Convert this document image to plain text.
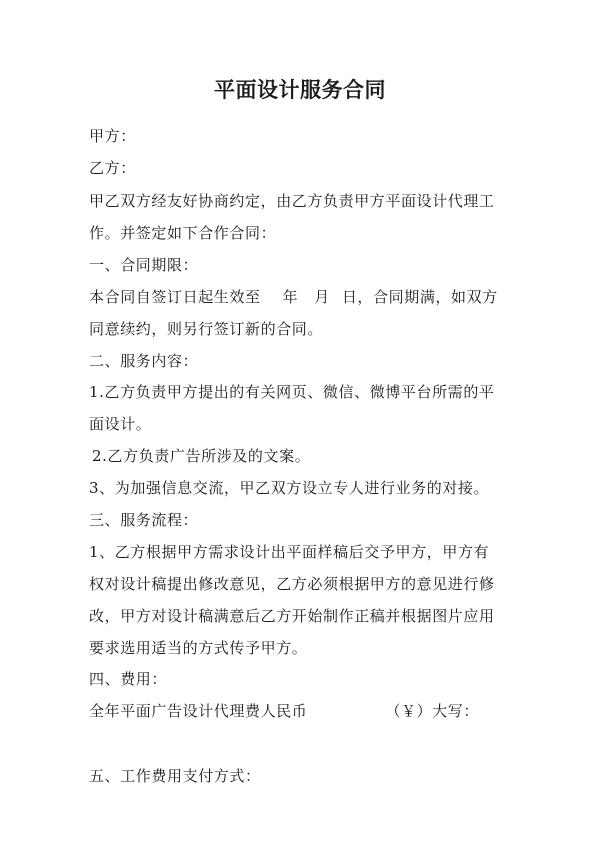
平面设计服务合同
甲方：
乙方：
甲乙双方经友好协商约定，由乙方负责甲方平面设计代理工
作。并签定如下合作合同：
一、合同期限：
本合同自签订日起生效至 年 月 日，合同期满，如双方
同意续约，则另行签订新的合同。
二、服务内容：
1.乙方负责甲方提出的有关网页、微信、微博平台所需的平
面设计。
2.乙方负责广告所涉及的文案。
3、为加强信息交流，甲乙双方设立专人进行业务的对接。
三、服务流程：
1、乙方根据甲方需求设计出平面样稿后交予甲方，甲方有
权对设计稿提出修改意见，乙方必须根据甲方的意见进行修
改，甲方对设计稿满意后乙方开始制作正稿并根据图片应用
要求选用适当的方式传予甲方。
四、费用：
全年平面广告设计代理费人民币	（￥）大写：
五、工作费用支付方式：
